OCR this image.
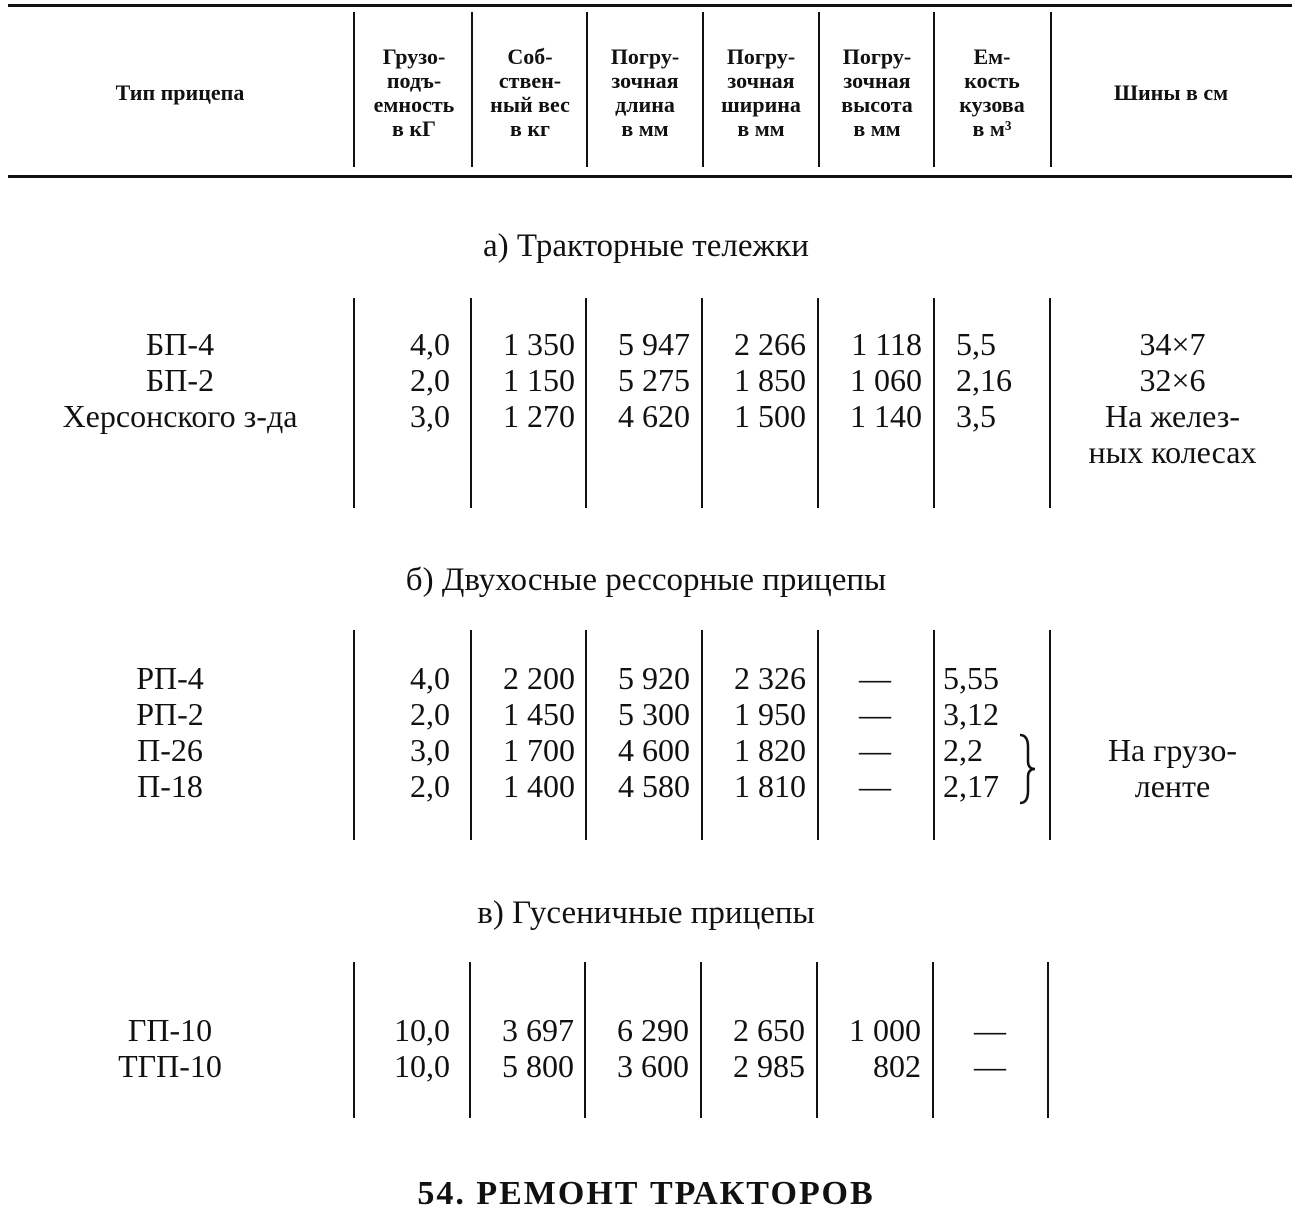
Тип прицепа
Грузо-
подъ-
емность
в кГ
Соб-
ствен-
ный вес
в кг
Погру-
зочная
длина
в мм
Погру-
зочная
ширина
в мм
Погру-
зочная
высота
в мм
Ем-
кость
кузова
в м³
Шины в см
а) Тракторные тележки
БП-4
БП-2
Херсонского з-да
4,0
2,0
3,0
1 350
1 150
1 270
5 947
5 275
4 620
2 266
1 850
1 500
1 118
1 060
1 140
5,5
2,16
3,5
34×7
32×6
На желез-
ных колесах
б) Двухосные рессорные прицепы
РП-4
РП-2
П-26
П-18
4,0
2,0
3,0
2,0
2 200
1 450
1 700
1 400
5 920
5 300
4 600
4 580
2 326
1 950
1 820
1 810
—
—
—
—
5,55
3,12
2,2
2,17
На грузо-
ленте
в) Гусеничные прицепы
ГП-10
ТГП-10
10,0
10,0
3 697
5 800
6 290
3 600
2 650
2 985
1 000
802
—
—
54. РЕМОНТ ТРАКТОРОВ
